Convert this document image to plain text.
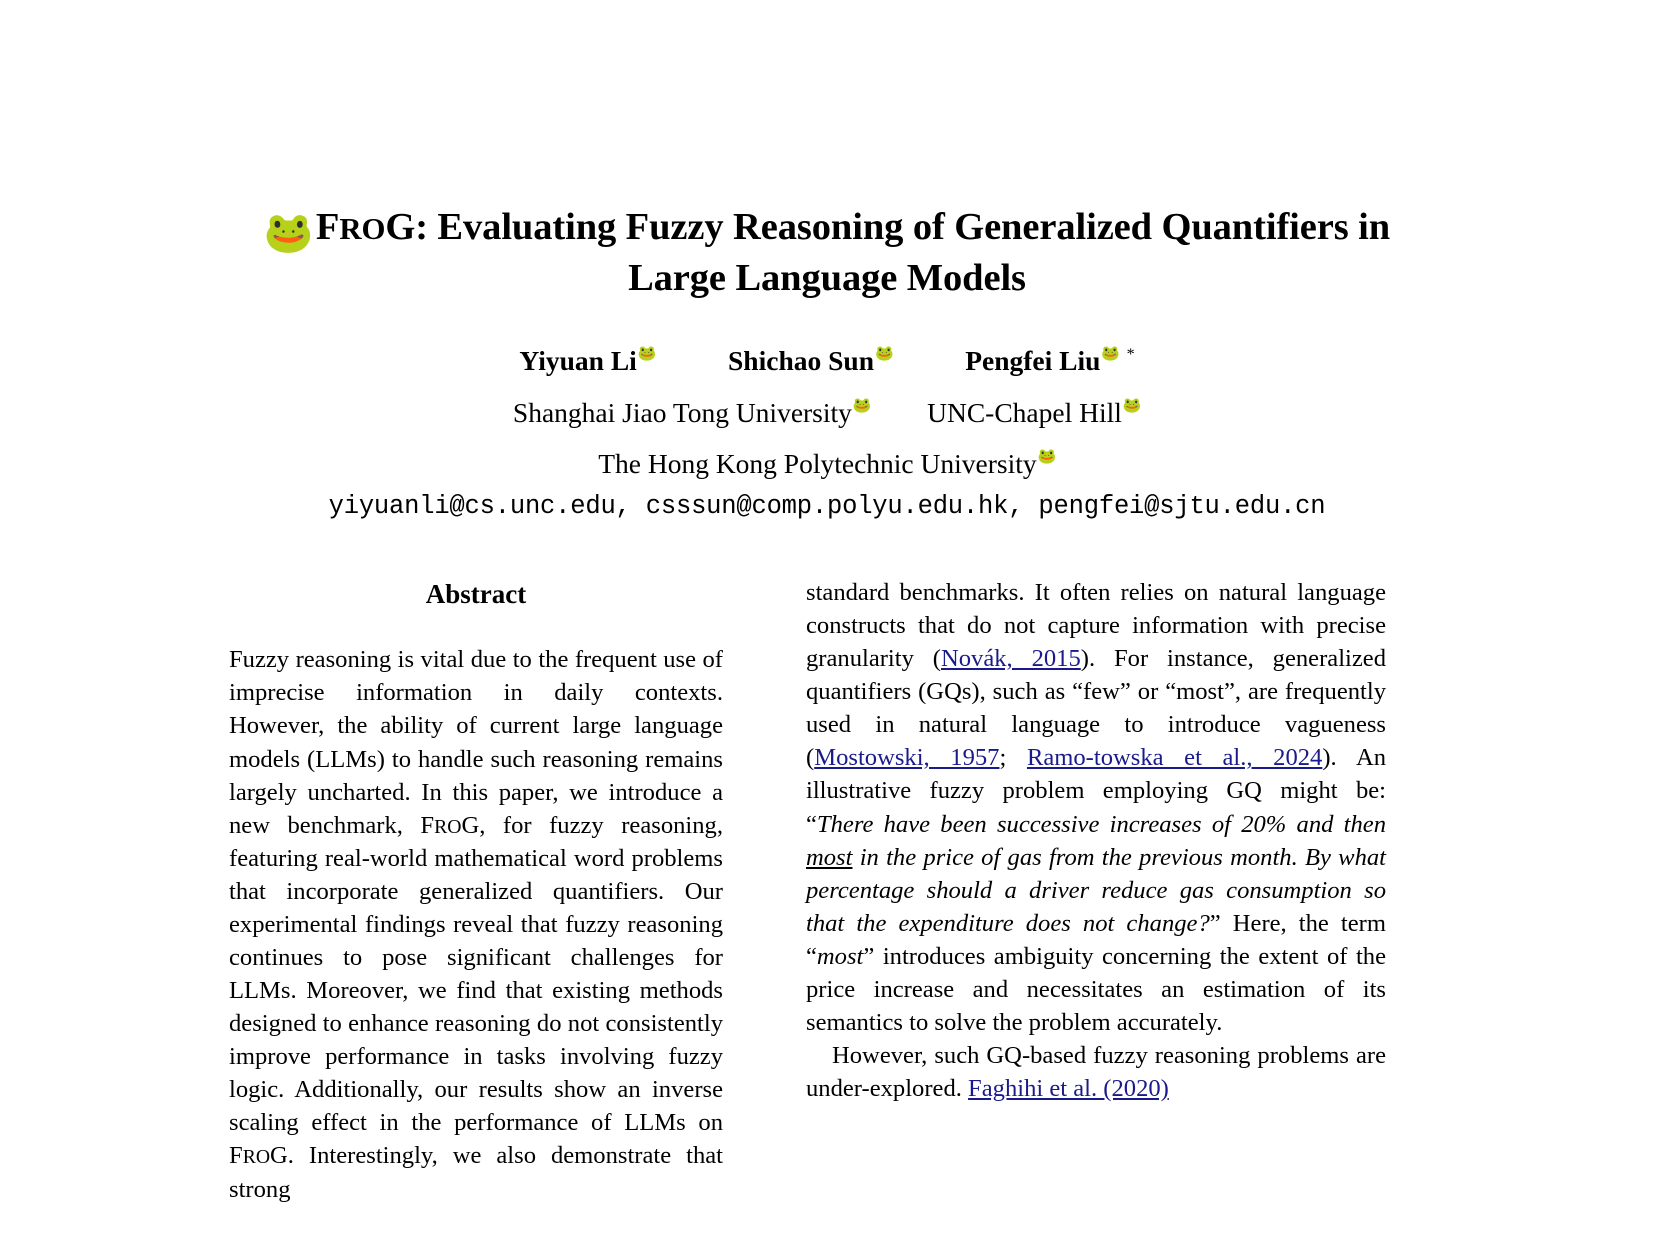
🐸FROG: Evaluating Fuzzy Reasoning of Generalized Quantifiers in
Large Language Models
Yiyuan Li🐸	Shichao Sun🐸	Pengfei Liu🐸 *
Shanghai Jiao Tong University🐸 UNC-Chapel Hill🐸
The Hong Kong Polytechnic University🐸
yiyuanli@cs.unc.edu, csssun@comp.polyu.edu.hk, pengfei@sjtu.edu.cn
Abstract

Fuzzy reasoning is vital due to the frequent use of imprecise information in daily contexts. However, the ability of current large language models (LLMs) to handle such reasoning remains largely uncharted. In this paper, we introduce a new benchmark, FROG, for fuzzy reasoning, featuring real-world mathematical word problems that incorporate generalized quantifiers. Our experimental findings reveal that fuzzy reasoning continues to pose significant challenges for LLMs. Moreover, we find that existing methods designed to enhance reasoning do not consistently improve performance in tasks involving fuzzy logic. Additionally, our results show an inverse scaling effect in the performance of LLMs on FROG. Interestingly, we also demonstrate that strong

standard benchmarks. It often relies on natural language constructs that do not capture information with precise granularity (Novák, 2015). For instance, generalized quantifiers (GQs), such as “few” or “most”, are frequently used in natural language to introduce vagueness (Mostowski, 1957; Ramo-towska et al., 2024). An illustrative fuzzy problem employing GQ might be: “There have been successive increases of 20% and then most in the price of gas from the previous month. By what percentage should a driver reduce gas consumption so that the expenditure does not change?” Here, the term “most” introduces ambiguity concerning the extent of the price increase and necessitates an estimation of its semantics to solve the problem accurately.

However, such GQ-based fuzzy reasoning problems are under-explored. Faghihi et al. (2020)
